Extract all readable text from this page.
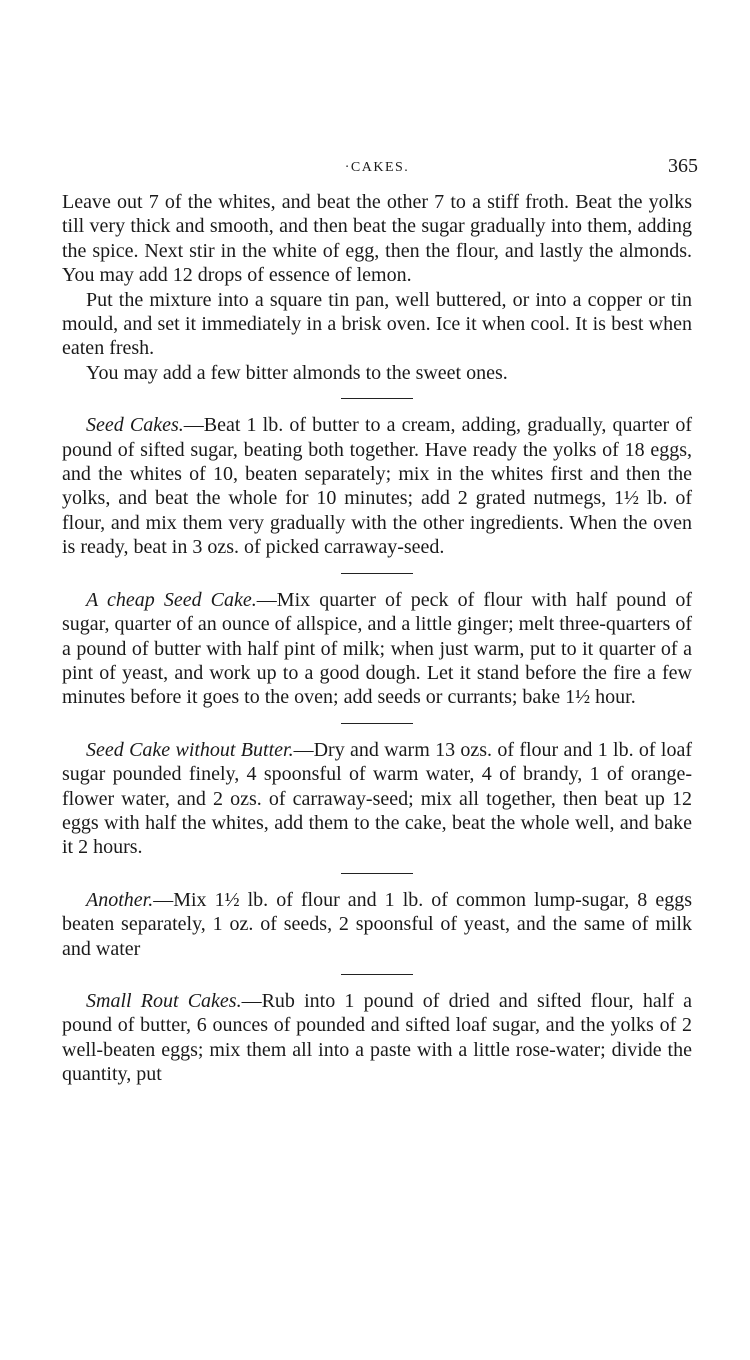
·CAKES.	365

Leave out 7 of the whites, and beat the other 7 to a stiff froth. Beat the yolks till very thick and smooth, and then beat the sugar gradually into them, adding the spice. Next stir in the white of egg, then the flour, and lastly the almonds. You may add 12 drops of essence of lemon.

Put the mixture into a square tin pan, well buttered, or into a copper or tin mould, and set it immediately in a brisk oven. Ice it when cool. It is best when eaten fresh.

You may add a few bitter almonds to the sweet ones.

Seed Cakes.—Beat 1 lb. of butter to a cream, adding, gradually, quarter of pound of sifted sugar, beating both together. Have ready the yolks of 18 eggs, and the whites of 10, beaten separately; mix in the whites first and then the yolks, and beat the whole for 10 minutes; add 2 grated nutmegs, 1½ lb. of flour, and mix them very gradually with the other ingredients. When the oven is ready, beat in 3 ozs. of picked carraway-seed.

A cheap Seed Cake.—Mix quarter of peck of flour with half pound of sugar, quarter of an ounce of allspice, and a little ginger; melt three-quarters of a pound of butter with half pint of milk; when just warm, put to it quarter of a pint of yeast, and work up to a good dough. Let it stand before the fire a few minutes before it goes to the oven; add seeds or currants; bake 1½ hour.

Seed Cake without Butter.—Dry and warm 13 ozs. of flour and 1 lb. of loaf sugar pounded finely, 4 spoonsful of warm water, 4 of brandy, 1 of orange-flower water, and 2 ozs. of carraway-seed; mix all together, then beat up 12 eggs with half the whites, add them to the cake, beat the whole well, and bake it 2 hours.

Another.—Mix 1½ lb. of flour and 1 lb. of common lump-sugar, 8 eggs beaten separately, 1 oz. of seeds, 2 spoonsful of yeast, and the same of milk and water

Small Rout Cakes.—Rub into 1 pound of dried and sifted flour, half a pound of butter, 6 ounces of pounded and sifted loaf sugar, and the yolks of 2 well-beaten eggs; mix them all into a paste with a little rose-water; divide the quantity, put
